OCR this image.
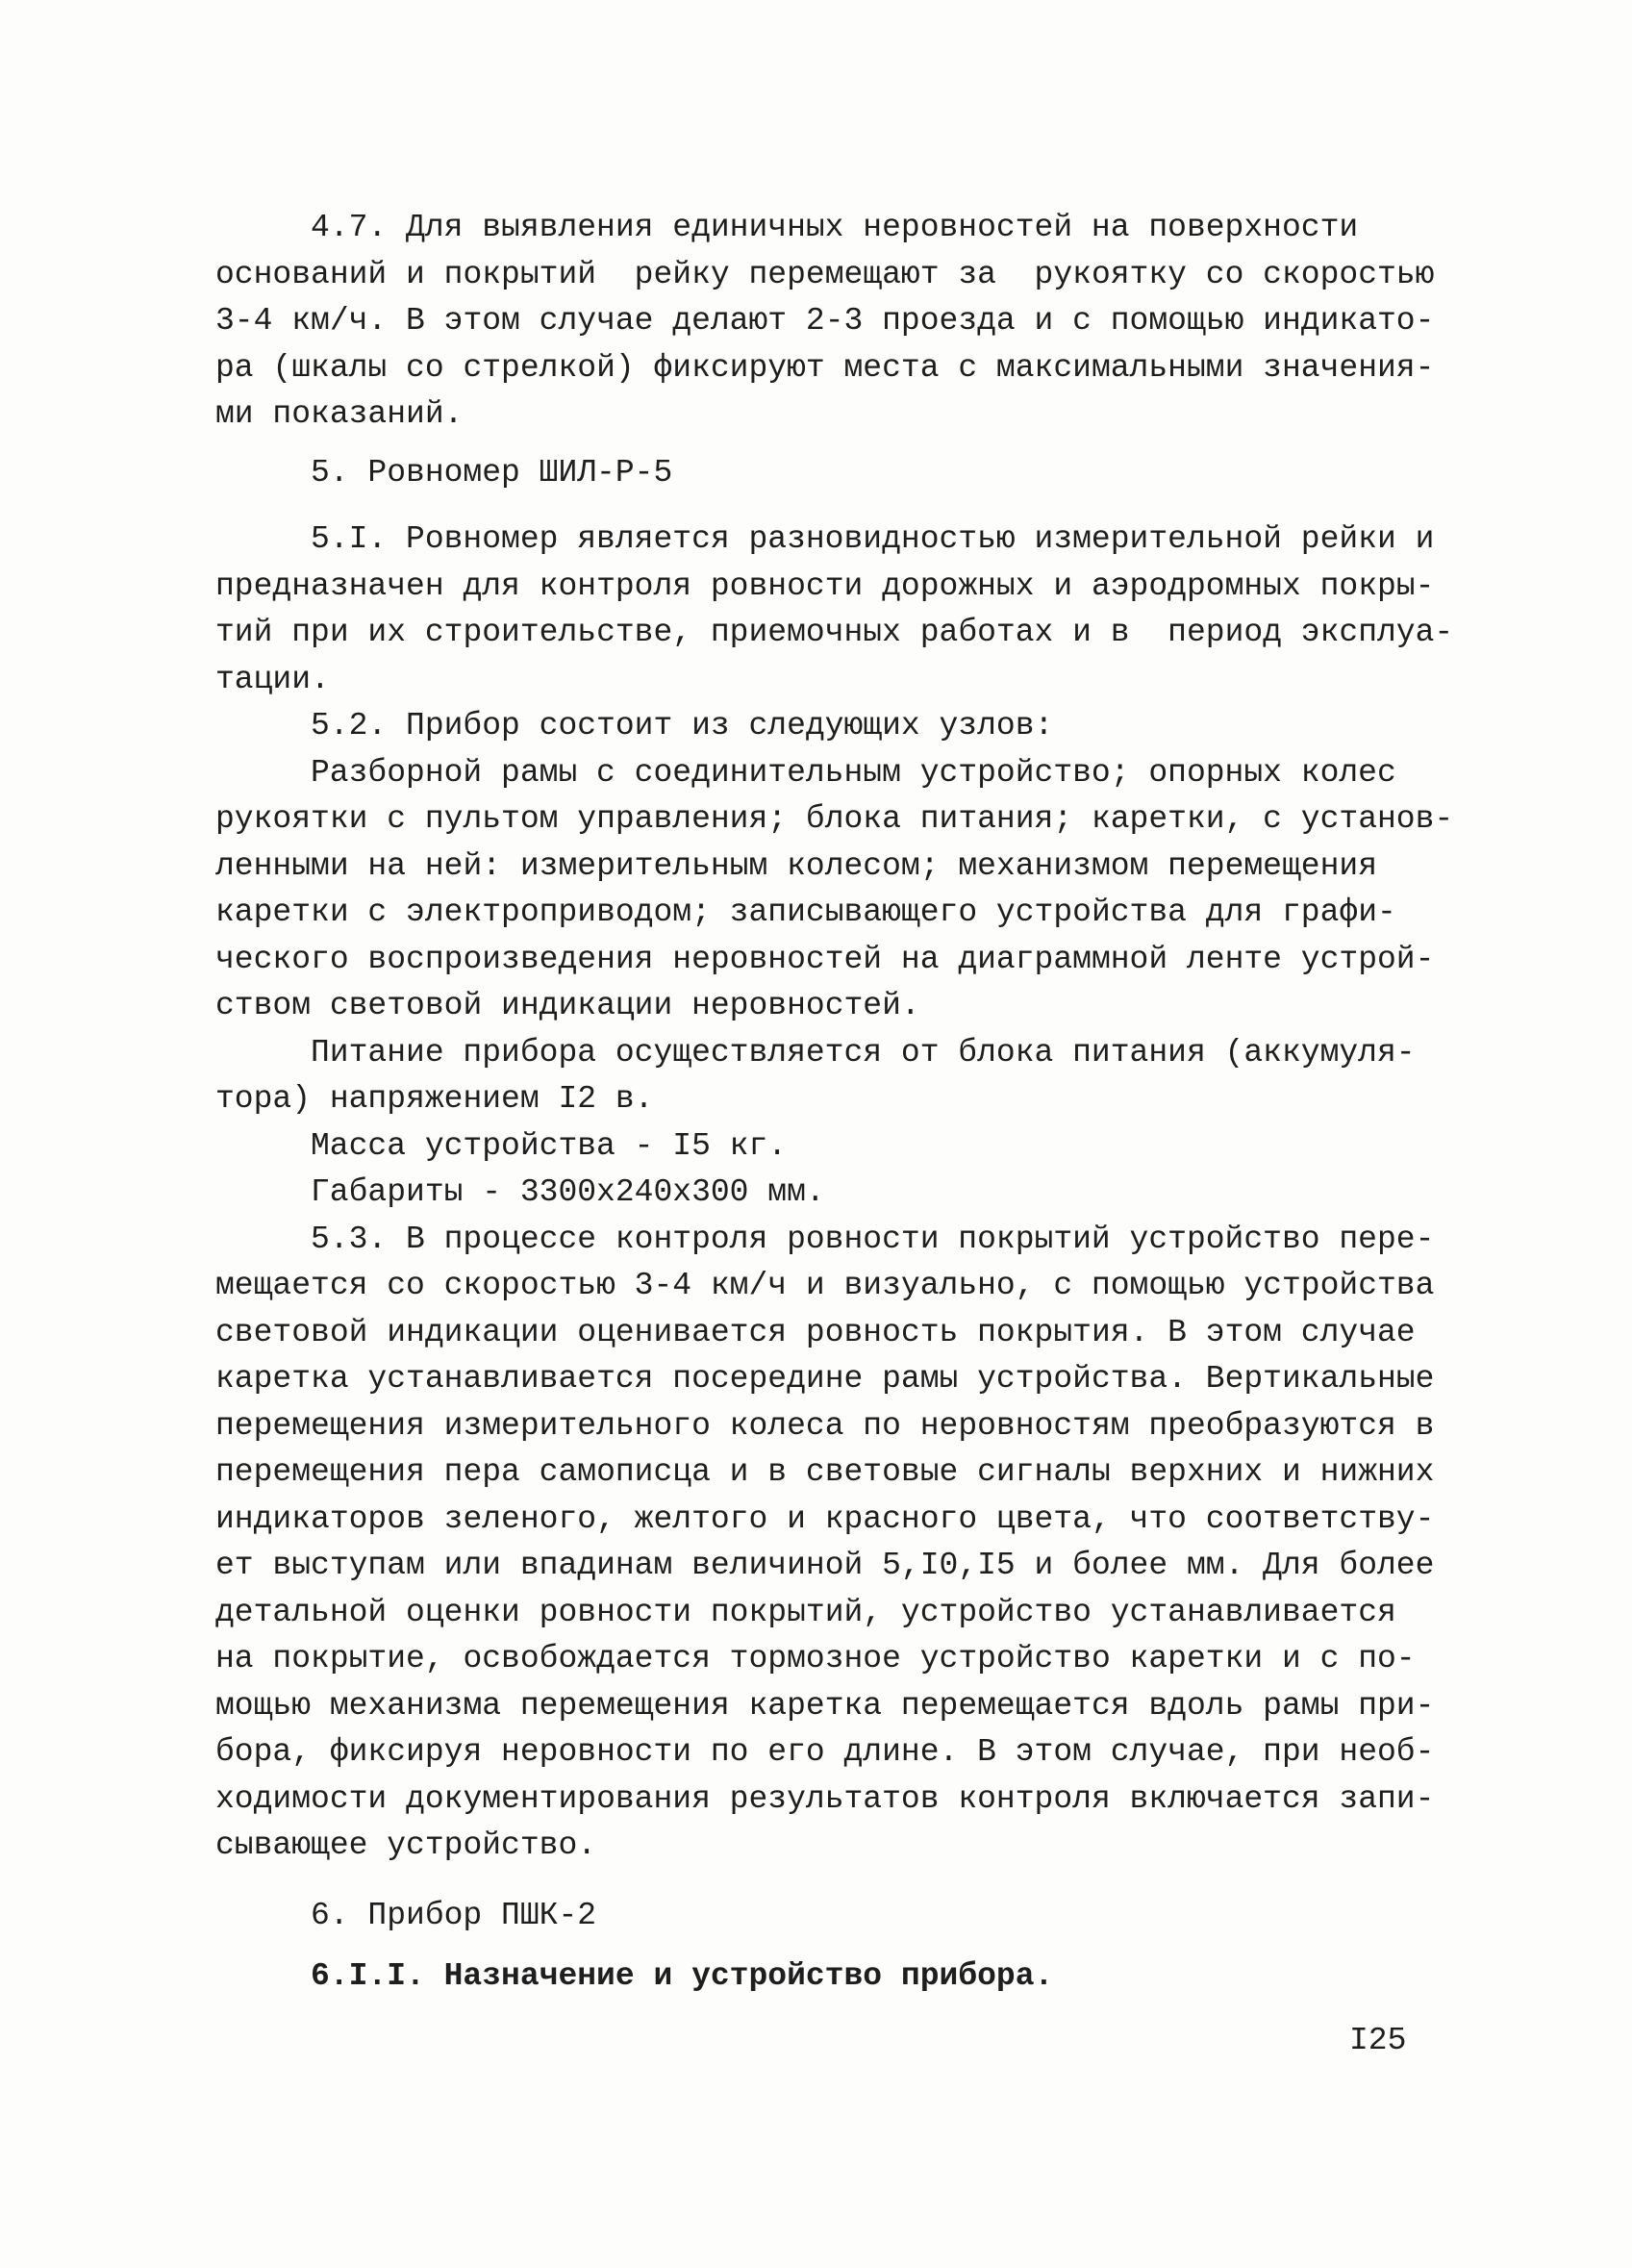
4.7. Для выявления единичных неровностей на поверхности
оснований и покрытий  рейку перемещают за  рукоятку со скоростью
3-4 км/ч. В этом случае делают 2-3 проезда и с помощью индикато-
ра (шкалы со стрелкой) фиксируют места с максимальными значения-
ми показаний.
5. Ровномер ШИЛ-Р-5
5.I. Ровномер является разновидностью измерительной рейки и
предназначен для контроля ровности дорожных и аэродромных покры-
тий при их строительстве, приемочных работах и в  период эксплуа-
тации.
5.2. Прибор состоит из следующих узлов:
Разборной рамы с соединительным устройство; опорных колес
рукоятки с пультом управления; блока питания; каретки, с установ-
ленными на ней: измерительным колесом; механизмом перемещения
каретки с электроприводом; записывающего устройства для графи-
ческого воспроизведения неровностей на диаграммной ленте устрой-
ством световой индикации неровностей.
Питание прибора осуществляется от блока питания (аккумуля-
тора) напряжением I2 в.
Масса устройства - I5 кг.
Габариты - 3300х240х300 мм.
5.3. В процессе контроля ровности покрытий устройство пере-
мещается со скоростью 3-4 км/ч и визуально, с помощью устройства
световой индикации оценивается ровность покрытия. В этом случае
каретка устанавливается посередине рамы устройства. Вертикальные
перемещения измерительного колеса по неровностям преобразуются в
перемещения пера самописца и в световые сигналы верхних и нижних
индикаторов зеленого, желтого и красного цвета, что соответству-
ет выступам или впадинам величиной 5,I0,I5 и более мм. Для более
детальной оценки ровности покрытий, устройство устанавливается
на покрытие, освобождается тормозное устройство каретки и с по-
мощью механизма перемещения каретка перемещается вдоль рамы при-
бора, фиксируя неровности по его длине. В этом случае, при необ-
ходимости документирования результатов контроля включается запи-
сывающее устройство.
6. Прибор ПШК-2
6.I.I. Назначение и устройство прибора.
I25
